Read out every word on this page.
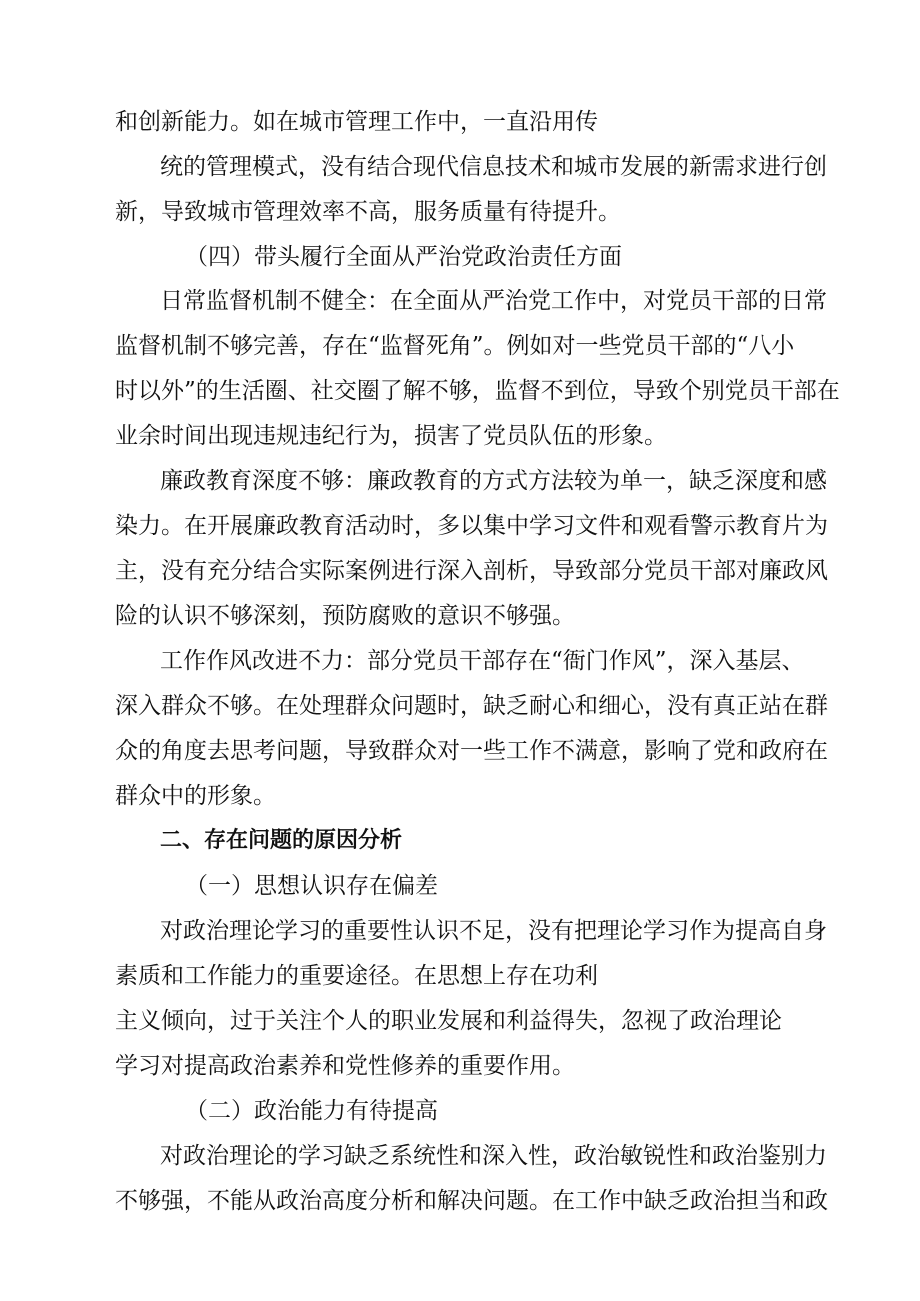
和创新能力。如在城市管理工作中，一直沿用传

统的管理模式，没有结合现代信息技术和城市发展的新需求进行创

新，导致城市管理效率不高，服务质量有待提升。

（四）带头履行全面从严治党政治责任方面

日常监督机制不健全：在全面从严治党工作中，对党员干部的日常

监督机制不够完善，存在“监督死角”。例如对一些党员干部的“八小

时以外”的生活圈、社交圈了解不够，监督不到位，导致个别党员干部在

业余时间出现违规违纪行为，损害了党员队伍的形象。

廉政教育深度不够：廉政教育的方式方法较为单一，缺乏深度和感

染力。在开展廉政教育活动时，多以集中学习文件和观看警示教育片为

主，没有充分结合实际案例进行深入剖析，导致部分党员干部对廉政风

险的认识不够深刻，预防腐败的意识不够强。

工作作风改进不力：部分党员干部存在“衙门作风”，深入基层、

深入群众不够。在处理群众问题时，缺乏耐心和细心，没有真正站在群

众的角度去思考问题，导致群众对一些工作不满意，影响了党和政府在

群众中的形象。

二、存在问题的原因分析

（一）思想认识存在偏差

对政治理论学习的重要性认识不足，没有把理论学习作为提高自身

素质和工作能力的重要途径。在思想上存在功利

主义倾向，过于关注个人的职业发展和利益得失，忽视了政治理论

学习对提高政治素养和党性修养的重要作用。

（二）政治能力有待提高

对政治理论的学习缺乏系统性和深入性，政治敏锐性和政治鉴别力

不够强，不能从政治高度分析和解决问题。在工作中缺乏政治担当和政
